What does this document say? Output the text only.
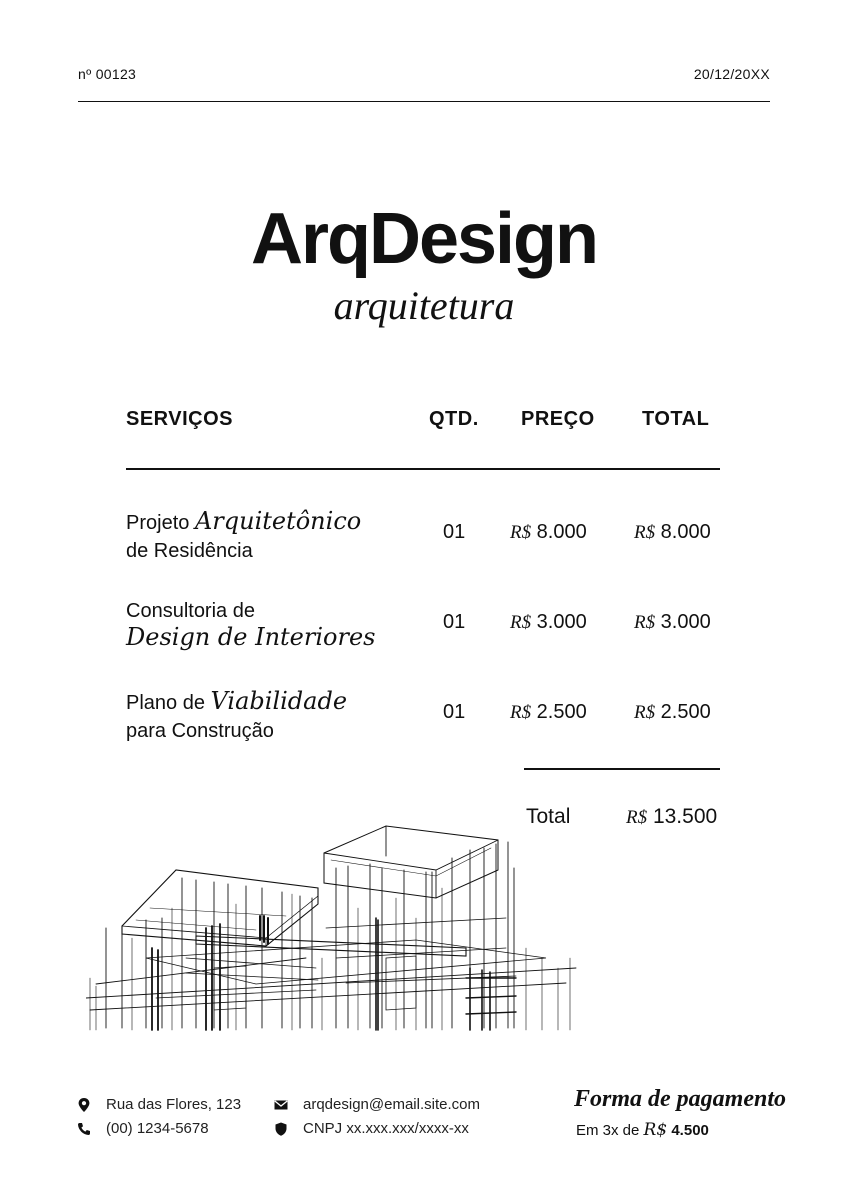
nº 00123	20/12/20XX
ArqDesign
arquitetura
SERVIÇOS	QTD. PREÇO TOTAL
Projeto Arquitetônico
de Residência
01 R$ 8.000 R$ 8.000
Consultoria de
Design de Interiores
01 R$ 3.000 R$ 3.000
Plano de Viabilidade
para Construção
01 R$ 2.500 R$ 2.500
Total	R$ 13.500
Rua das Flores, 123
(00) 1234-5678
arqdesign@email.site.com
CNPJ xx.xxx.xxx/xxxx-xx
Forma de pagamento
Em 3x de R$ 4.500
